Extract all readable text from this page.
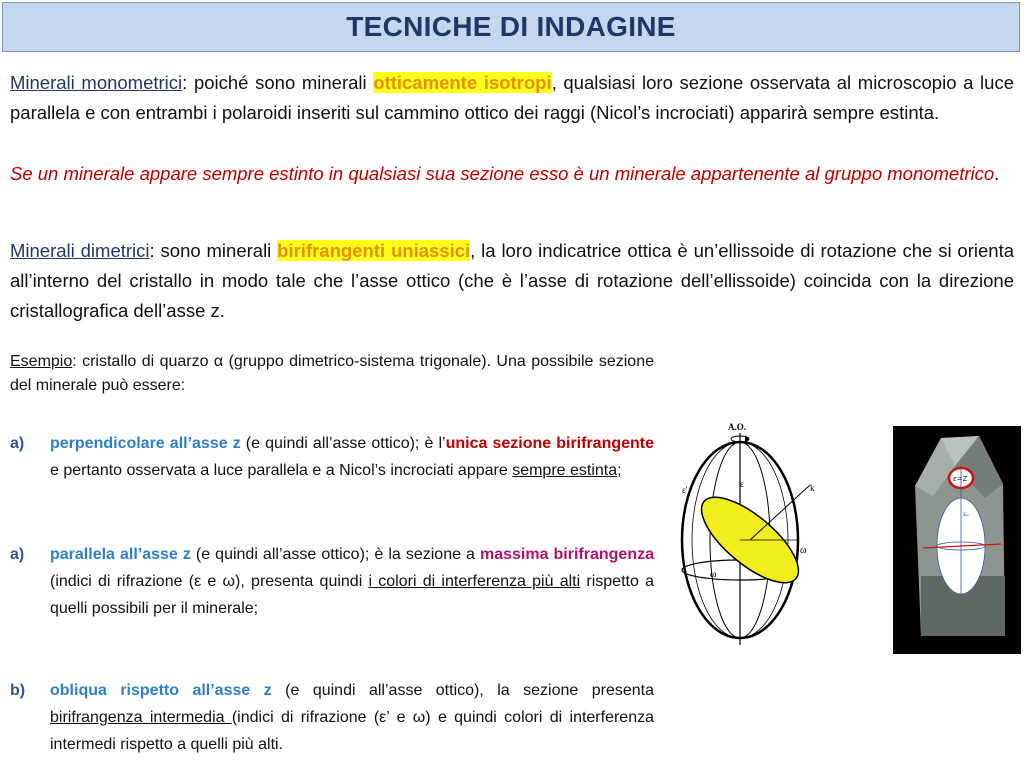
TECNICHE DI INDAGINE
Minerali monometrici: poiché sono minerali otticamente isotropi, qualsiasi loro sezione osservata al microscopio a luce parallela e con entrambi i polaroidi inseriti sul cammino ottico dei raggi (Nicol’s incrociati) apparirà sempre estinta.
Se un minerale appare sempre estinto in qualsiasi sua sezione esso è un minerale appartenente al gruppo monometrico.
Minerali dimetrici: sono minerali birifrangenti uniassici, la loro indicatrice ottica è un’ellissoide di rotazione che si orienta all’interno del cristallo in modo tale che l’asse ottico (che è l’asse di rotazione dell’ellissoide) coincida con la direzione cristallografica dell’asse z.
Esempio: cristallo di quarzo α (gruppo dimetrico-sistema trigonale). Una possibile sezione del minerale può essere:
a) perpendicolare all’asse z (e quindi all’asse ottico); è l’unica sezione birifrangente e pertanto osservata a luce parallela e a Nicol’s incrociati appare sempre estinta;
a) parallela all’asse z (e quindi all’asse ottico); è la sezione a massima birifrangenza (indici di rifrazione (ε e ω), presenta quindi i colori di interferenza più alti rispetto a quelli possibili per il minerale;
b) obliqua rispetto all’asse z (e quindi all’asse ottico), la sezione presenta birifrangenza intermedia (indici di rifrazione (ε’ e ω) e quindi colori di interferenza intermedi rispetto a quelli più alti.
A.O.
ε'
ε	k
ω
ω
ε=Z
εₚ
